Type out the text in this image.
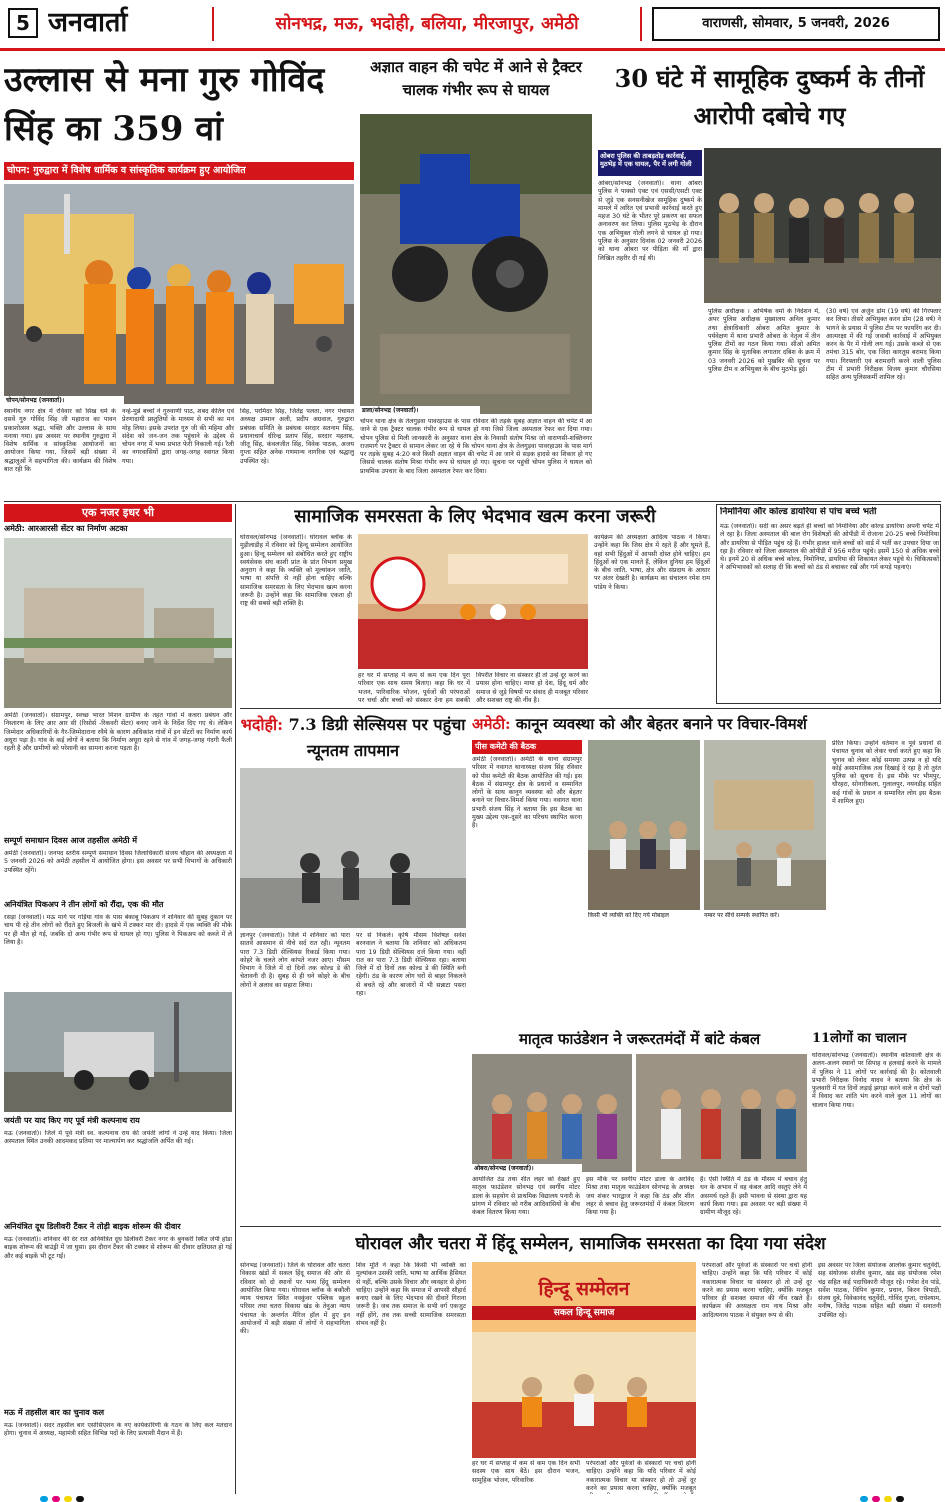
5 जनवार्ता	सोनभद्र, मऊ, भदोही, बलिया, मीरजापुर, अमेठी	वाराणसी, सोमवार, 5 जनवरी, 2026
उल्लास से मना गुरु गोविंद सिंह का 359 वां
चोपन: गुरुद्वारा में विशेष धार्मिक व सांस्कृतिक कार्यक्रम हुए आयोजित
चोपन/सोनभद्र (जनवार्ता)।
स्थानीय नगर क्षेत्र में रविवार को सिख धर्म के दसवें गुरु गोविंद सिंह जी महाराज का पावन प्रकाशोत्सव श्रद्धा, भक्ति और उल्लास के साथ मनाया गया। इस अवसर पर स्थानीय गुरुद्वारा में विशेष धार्मिक व सांस्कृतिक आयोजनों का आयोजन किया गया, जिसमें बड़ी संख्या में श्रद्धालुओं ने सहभागिता की। कार्यक्रम की विशेष बात रही कि
नन्हे-मुन्ने बच्चों ने गुरुवाणी पाठ, शबद कीर्तन एवं प्रेरणादायी प्रस्तुतियों के माध्यम से सभी का मन मोह लिया। इसके उपरांत गुरु जी की महिमा और संदेश को जन-जन तक पहुंचाने के उद्देश्य से चोपन नगर में भव्य प्रभात फेरी निकाली गई। रैली का नगरवासियों द्वारा जगह-जगह स्वागत किया गया।
सिंह, परमिंदर सिंह, जितेंद्र पलता, नगर पंचायत अध्यक्ष उस्मान अली, प्रदीप अग्रवाल, गुरुद्वारा प्रबंधक समिति के प्रबंधक सरदार सतनाम सिंह, प्रधानाचार्य धीरेन्द्र प्रताप सिंह, सरदार महताब, जीतू सिंह, कंवलजीत सिंह, विवेक पाठक, अजय गुप्ता सहित अनेक गणमान्य नागरिक एवं श्रद्धालु उपस्थित रहे।
अज्ञात वाहन की चपेट में आने से ट्रैक्टर चालक गंभीर रूप से घायल
डाला/सोनभद्र (जनवार्ता)।
चोपन थाना क्षेत्र के तेलगुड़वा पावरहाउस के पास रविवार की तड़के सुबह अज्ञात वाहन की चपेट में आ जाने से एक ट्रैक्टर चालक गंभीर रूप से घायल हो गया जिसे जिला अस्पताल रेफर कर दिया गया। चोपन पुलिस से मिली जानकारी के अनुसार थाना क्षेत्र के निवासी संतोष मिश्रा जो वाराणसी-शक्तिनगर राजमार्ग पर ट्रैक्टर से सामान लेकर जा रहे थे कि चोपन थाना क्षेत्र के तेलगुड़वा पावरहाउस के पास मार्ग पर तड़के सुबह 4:20 बजे किसी अज्ञात वाहन की चपेट में आ जाने से सड़क हादसे का शिकार हो गए जिससे चालक संतोष मिश्रा गंभीर रूप से घायल हो गए। सूचना पर पहुंची चोपन पुलिस ने घायल को प्राथमिक उपचार के बाद जिला अस्पताल रेफर कर दिया।
30 घंटे में सामूहिक दुष्कर्म के तीनों आरोपी दबोचे गए
ओबरा पुलिस की ताबड़तोड़ कार्रवाई, मुठभेड़ में एक घायल, पैर में लगी गोली
ओबरा/सोनभद्र (जनवार्ता)। थाना ओबरा पुलिस ने पाक्सो एक्ट एवं एससी/एसटी एक्ट से जुड़े एक सनसनीखेज सामूहिक दुष्कर्म के मामले में त्वरित एवं प्रभावी कार्रवाई करते हुए महज 30 घंटे के भीतर पूरे प्रकरण का सफल अनावरण कर लिया। पुलिस मुठभेड़ के दौरान एक अभियुक्त गोली लगने से घायल हो गया। पुलिस के अनुसार दिनांक 02 जनवरी 2026 को थाना ओबरा पर पीड़िता की माँ द्वारा लिखित तहरीर दी गई थी।
पुलिस अधीक्षक । अभिषेक वर्मा के निर्देशन में, अपर पुलिस अधीक्षक मुख्यालय अनिल कुमार तथा क्षेत्राधिकारी ओबरा अमित कुमार के पर्यवेक्षण में थाना प्रभारी ओबरा के नेतृत्व में तीन पुलिस टीमों का गठन किया गया। सीओ अमित कुमार सिंह के मुताबिक लगातार दबिश के क्रम में 03 जनवरी 2026 को मुखबिर की सूचना पर पुलिस टीम व अभियुक्त के बीच मुठभेड़ हुई।
(30 वर्ष) एवं अर्जुन डोम (19 वर्ष) की गिरफ्तार कर लिया। तीसरे अभियुक्त करन डोम (28 वर्ष) ने भागने के प्रयास में पुलिस टीम पर फायरिंग कर दी। आत्मरक्षा में की गई जवाबी कार्रवाई में अभियुक्त करन के पैर में गोली लग गई। उसके कब्जे से एक तमंचा 315 बोर, एक जिंदा कारतूस बरामद किया गया। गिरफ्तारी एवं बरामदगी करने वाली पुलिस टीम में प्रभारी निरीक्षक विजय कुमार चौरसिया सहित अन्य पुलिसकर्मी शामिल रहे।
एक नजर इधर भी
अमेठी: आरआरसी सेंटर का निर्माण अटका
अमेठी (जनवार्ता)। संग्रामपुर, स्वच्छ भारत मिशन ग्रामीण के तहत गांवों में कचरा प्रबंधन और निस्तारण के लिए आर आर सी (रिसोर्स -रिकवरी सेंटर) बनाए जाने के निर्देश दिए गए थे। लेकिन जिम्मेदार अधिकारियों के गैर-जिम्मेदाराना रवैये के कारण अधिकांश गांवों में इन सेंटरों का निर्माण कार्य अधूरा पड़ा है। गांव के कई लोगों ने बताया कि निर्माण अधूरा रहने से गांव में जगह-जगह गंदगी फैली रहती है और ग्रामीणों को परेशानी का सामना करना पड़ता है।
सम्पूर्ण समाधान दिवस आज तहसील अमेठी में
अमेठी (जनवार्ता)। जनपद स्तरीय सम्पूर्ण समाधान दिवस जिलाधिकारी संजय चौहान की अध्यक्षता में 5 जनवरी 2026 को अमेठी तहसील में आयोजित होगा। इस अवसर पर सभी विभागों के अधिकारी उपस्थित रहेंगे।
अनियंत्रित पिकअप ने तीन लोगों को रौंदा, एक की मौत
रसड़ा (जनवार्ता)। मऊ मार्ग पर गड़िया गांव के पास बेकाबू पिकअप ने शनिवार की सुबह दुकान पर चाय पी रहे तीन लोगों को रौंदते हुए बिजली के खंभे में टक्कर मार दी। हादसे में एक व्यक्ति की मौके पर ही मौत हो गई, जबकि दो अन्य गंभीर रूप से घायल हो गए। पुलिस ने पिकअप को कब्जे में ले लिया है।
जयंती पर याद किए गए पूर्व मंत्री कल्पनाथ राय
मऊ (जनवार्ता)। जिले में पूर्व मंत्री स्व. कल्पनाथ राय की जयंती लोगों ने उन्हें याद किया। जिला अस्पताल स्थित उनकी आदमकद प्रतिमा पर माल्यार्पण कर श्रद्धांजलि अर्पित की गई।
अनियंत्रित दूध डिलीवरी टैंकर ने तोड़ी बाइक शोरूम की दीवार
मऊ (जनवार्ता)। शनिवार की देर रात अनियंत्रित दूध डिलीवरी टैंकर नगर के बुनकरी स्थित जेपी होंडा बाइक शोरूम की बाउंड्री में जा घुसा। इस दौरान टैंकर की टक्कर से शोरूम की दीवार क्षतिग्रस्त हो गई और कई बाइकें भी टूट गईं।
मऊ में तहसील बार का चुनाव कल
मऊ (जनवार्ता)। सदर तहसील बार एसोसिएशन के नए कार्यकारिणी के गठन के लिए कल मतदान होगा। चुनाव में अध्यक्ष, महामंत्री सहित विभिन्न पदों के लिए प्रत्याशी मैदान में हैं।
सामाजिक समरसता के लिए भेदभाव खत्म करना जरूरी
घोरावल/सोनभद्र (जनवार्ता)। घोरावल ब्लॉक के मुड़ीलाडीह में रविवार को हिन्दू सम्मेलन आयोजित हुआ। हिन्दू सम्मेलन को संबोधित करते हुए राष्ट्रीय स्वयंसेवक संघ काशी प्रांत के प्रांत विभाग प्रमुख अनुराग ने कहा कि व्यक्ति को मूल्यांकन जाति, भाषा या संपत्ति से नहीं होना चाहिए बल्कि सामाजिक समरसता के लिए भेदभाव खत्म करना जरूरी है। उन्होंने कहा कि सामाजिक एकता ही राष्ट्र की सबसे बड़ी शक्ति है।
हर घर में सप्ताह में कम से कम एक दिन पूरा परिवार एक साथ समय बिताए। कहा कि घर में भजन, पारिवारिक भोजन, पूर्वजों की परंपराओं पर चर्चा और बच्चों को संस्कार देना हम सबकी
विपरीत विचार ना संस्कार ही तो उन्हें दूर करने का प्रयास होना चाहिए। माया हो देश, हिंदू धर्म और समाज से जुड़े विषयों पर संवाद ही मजबूत परिवार और सशक्त राष्ट्र की नींव है।
कार्यक्रम की अध्यक्षता आदित्य पाठक ने किया। उन्होंने कहा कि जिस क्षेत्र में रहते हैं और घूमते हैं, वहां सभी हिंदुओं में आपसी दोस्त होने चाहिए। हम हिंदुओं को एक मानते हैं, लेकिन दुनिया हम हिंदुओं के बीच जाति, भाषा, क्षेत्र और संप्रदाय के आधार पर अंतर देखती है। कार्यक्रम का संचालन रमेश राम पांडेय ने किया।
निमोनिया और कोल्ड डायरिया से पांच बच्चे भर्ती
मऊ (जनवार्ता)। सर्दी का असर बढ़ते ही बच्चों को निमोनिया और कोल्ड डायरिया अपनी चपेट में ले रहा है। जिला अस्पताल की बाल रोग विशेषज्ञों की ओपीडी में रोजाना 20-25 बच्चे निमोनिया और डायरिया से पीड़ित पहुंच रहे हैं। गंभीर हालत वाले बच्चों को वार्ड में भर्ती कर उपचार दिया जा रहा है। रविवार को जिला अस्पताल की ओपीडी में 956 मरीज पहुंचे। इसमें 150 से अधिक बच्चे थे। इनमें 20 से अधिक बच्चे कोल्ड, निमोनिया, डायरिया की शिकायत लेकर पहुंचे थे। चिकित्सकों ने अभिभावकों को सलाह दी कि बच्चों को ठंड से बचाकर रखें और गर्म कपड़े पहनाएं।
भदोही: 7.3 डिग्री सेल्सियस पर पहुंचा न्यूनतम तापमान
ज्ञानपुर (जनवार्ता)। जिले में शनिवार को पारा सातवें आसमान से नीचे सर्द रात रही। न्यूनतम पारा 7.3 डिग्री सेल्सियस रिकार्ड किया गया। कोहरे के चलते लोग कांपते नजर आए। मौसम विभाग ने जिले में दो दिनों तक कोल्ड डे की चेतावनी दी है। सुबह से ही घने कोहरे के बीच लोगों ने अलाव का सहारा लिया।
पर से निकले। कृषि मौसम विशेषज्ञ सर्वेश बरनवाल ने बताया कि शनिवार को अधिकतम पारा 19 डिग्री सेल्सियस दर्ज किया गया। वहीं रात का पारा 7.3 डिग्री सेल्सियस रहा। बताया जिले में दो दिनों तक कोल्ड डे की स्थिति बनी रहेगी। ठंड के कारण लोग घरों से बाहर निकलने से बचते रहे और बाजारों में भी सन्नाटा पसरा रहा।
अमेठी: कानून व्यवस्था को और बेहतर बनाने पर विचार-विमर्श
पीस कमेटी की बैठक
अमेठी (जनवार्ता)। अमेठी के थाना संग्रामपुर परिसर में नवागत थानाध्यक्ष संजय सिंह रविवार को पीस कमेटी की बैठक आयोजित की गई। इस बैठक में संग्रामपुर क्षेत्र के प्रधानों व सम्मानित लोगों के साथ कानून व्यवस्था को और बेहतर बनाने पर विचार-विमर्श किया गया। नवागत थाना प्रभारी संजय सिंह ने बताया कि इस बैठक का मुख्य उद्देश्य एक-दूसरे का परिचय स्थापित करना है।
किसी भी व्यक्ति को दिए गये मोबाइल	नम्बर पर सीधे सम्पर्क स्थापित करें।
प्रेरित किया। उन्होंने वर्तमान व पूर्व प्रधानों से पंचायत चुनाव को लेकर चर्चा करते हुए कहा कि चुनाव को लेकर कोई समस्या उत्पन्न न हो यदि कोई असामाजिक तत्व दिखाई दे रहा है तो तुरंत पुलिस को सूचना दें। इस मौके पर भीमपुर, धौरहरा, सोनारीकला, गुलालपुर, नयनडीह सहित कई गांवों के प्रधान व सम्मानित लोग इस बैठक में शामिल हुए।
मातृत्व फाउंडेशन ने जरूरतमंदों में बांटे कंबल
ओबरा/सोनभद्र (जनवार्ता)।
आयोजित ठंड तथा शीत लहर को देखते हुए मातृत्व फाउंडेशन सोनभद्र एवं स्वर्गीय मोटर डाला के सहयोग से प्राथमिक विद्यालय पनारी के प्रांगण में रविवार को गरीब आदिवासियों के बीच कंबल वितरण किया गया।
इस मौके पर स्वर्गीय मोटर डाला के अरविंद मिश्रा तथा मातृत्व फाउंडेशन सोनभद्र के अध्यक्ष जय शंकर भारद्वाज ने कहा कि ठंड और शीत लहर से बचाव हेतु जरूरतमंदों में कंबल वितरण किया गया है।
है। ऐसी स्थिति में ठंड के मौसम में बचाव हेतु धन के अभाव में वह कंबल आदि वस्तुएं लेने में असमर्थ रहते हैं। इसी भावना से संस्था द्वारा यह कार्य किया गया। इस अवसर पर बड़ी संख्या में ग्रामीण मौजूद रहे।
11लोगों का चालान
घोरावल/सोनभद्र (जनवार्ता)। स्थानीय कोतवाली क्षेत्र के अलग-अलग स्थानों पर सिपाह व हलवाई करने के मामले में पुलिस ने 11 लोगों पर कार्रवाई की है। कोतवाली प्रभारी निरीक्षक विनोद यादव ने बताया कि क्षेत्र के फुलवारी में गत दिनों लड़ाई झगड़ा करने वाले व दोनों पक्षों में विवाद कर शांति भंग करने वाले कुल 11 लोगों का चालान किया गया।
घोरावल और चतरा में हिंदू सम्मेलन, सामाजिक समरसता का दिया गया संदेश
सोनभद्र (जनवार्ता)। जिले के घोरावल और चतरा विकास खंडों में सकल हिंदू समाज की ओर से रविवार को दो स्थानों पर भव्य हिंदू सम्मेलन आयोजित किया गया। घोरावल ब्लॉक के बकौली न्याय पंचायत स्थित नवकुंवर पब्लिक स्कूल परिसर तथा चतरा विकास खंड के तेनुआ न्याय पंचायत के अन्तर्गत मैरिज हॉल में हुए इन आयोजनों में बड़ी संख्या में लोगों ने सहभागिता की।
शिव मूर्ति ने कहा कि किसी भी व्यक्ति का मूल्यांकन उसकी जाति, भाषा या आर्थिक हैसियत से नहीं, बल्कि उसके विचार और व्यवहार से होना चाहिए। उन्होंने कहा कि समाज में आपसी सौहार्द बनाए रखने के लिए भेदभाव की दीवारें गिराना जरूरी है। जब तक समाज के सभी वर्ग एकजुट नहीं होंगे, तब तक सच्ची सामाजिक समरसता संभव नहीं है।
हिन्दू सम्मेलन
सकल हिन्दू समाज
हर घर में सप्ताह में कम से कम एक दिन सभी सदस्य एक साथ बैठें। इस दौरान भजन, सामूहिक भोजन, परिवारिक
परंपराओं और पूर्वजों के संस्कारों पर चर्चा होनी चाहिए। उन्होंने कहा कि यदि परिवार में कोई नकारात्मक विचार या संस्कार हो तो उन्हें दूर करने का प्रयास करना चाहिए, क्योंकि मजबूत
परंपराओं और पूर्वजों के संस्कारों पर चर्चा होनी चाहिए। उन्होंने कहा कि यदि परिवार में कोई नकारात्मक विचार या संस्कार हो तो उन्हें दूर करने का प्रयास करना चाहिए, क्योंकि मजबूत परिवार ही सशक्त समाज की नींव रखते हैं। कार्यक्रम की अध्यक्षता राम नाथ मिश्रा और आदित्यनाथ पाठक ने संयुक्त रूप से की।
इस अवसर पर जिला संयोजक आलोक कुमार चतुर्वेदी, सह संयोजक संजीव कुमार, खंड सह संयोजक रमेश चंद्र सहित कई पदाधिकारी मौजूद रहे। गणेश देव पांडे, सर्वेश पाठक, विपिन कुमार, प्रधान, किरन त्रिपाठी, संजय दुबे, विवेकानंद चतुर्वेदी, गोविंद गुप्ता, राधेश्याम, मनीष, जितेंद्र पाठक सहित बड़ी संख्या में सनातनी उपस्थित रहे।
